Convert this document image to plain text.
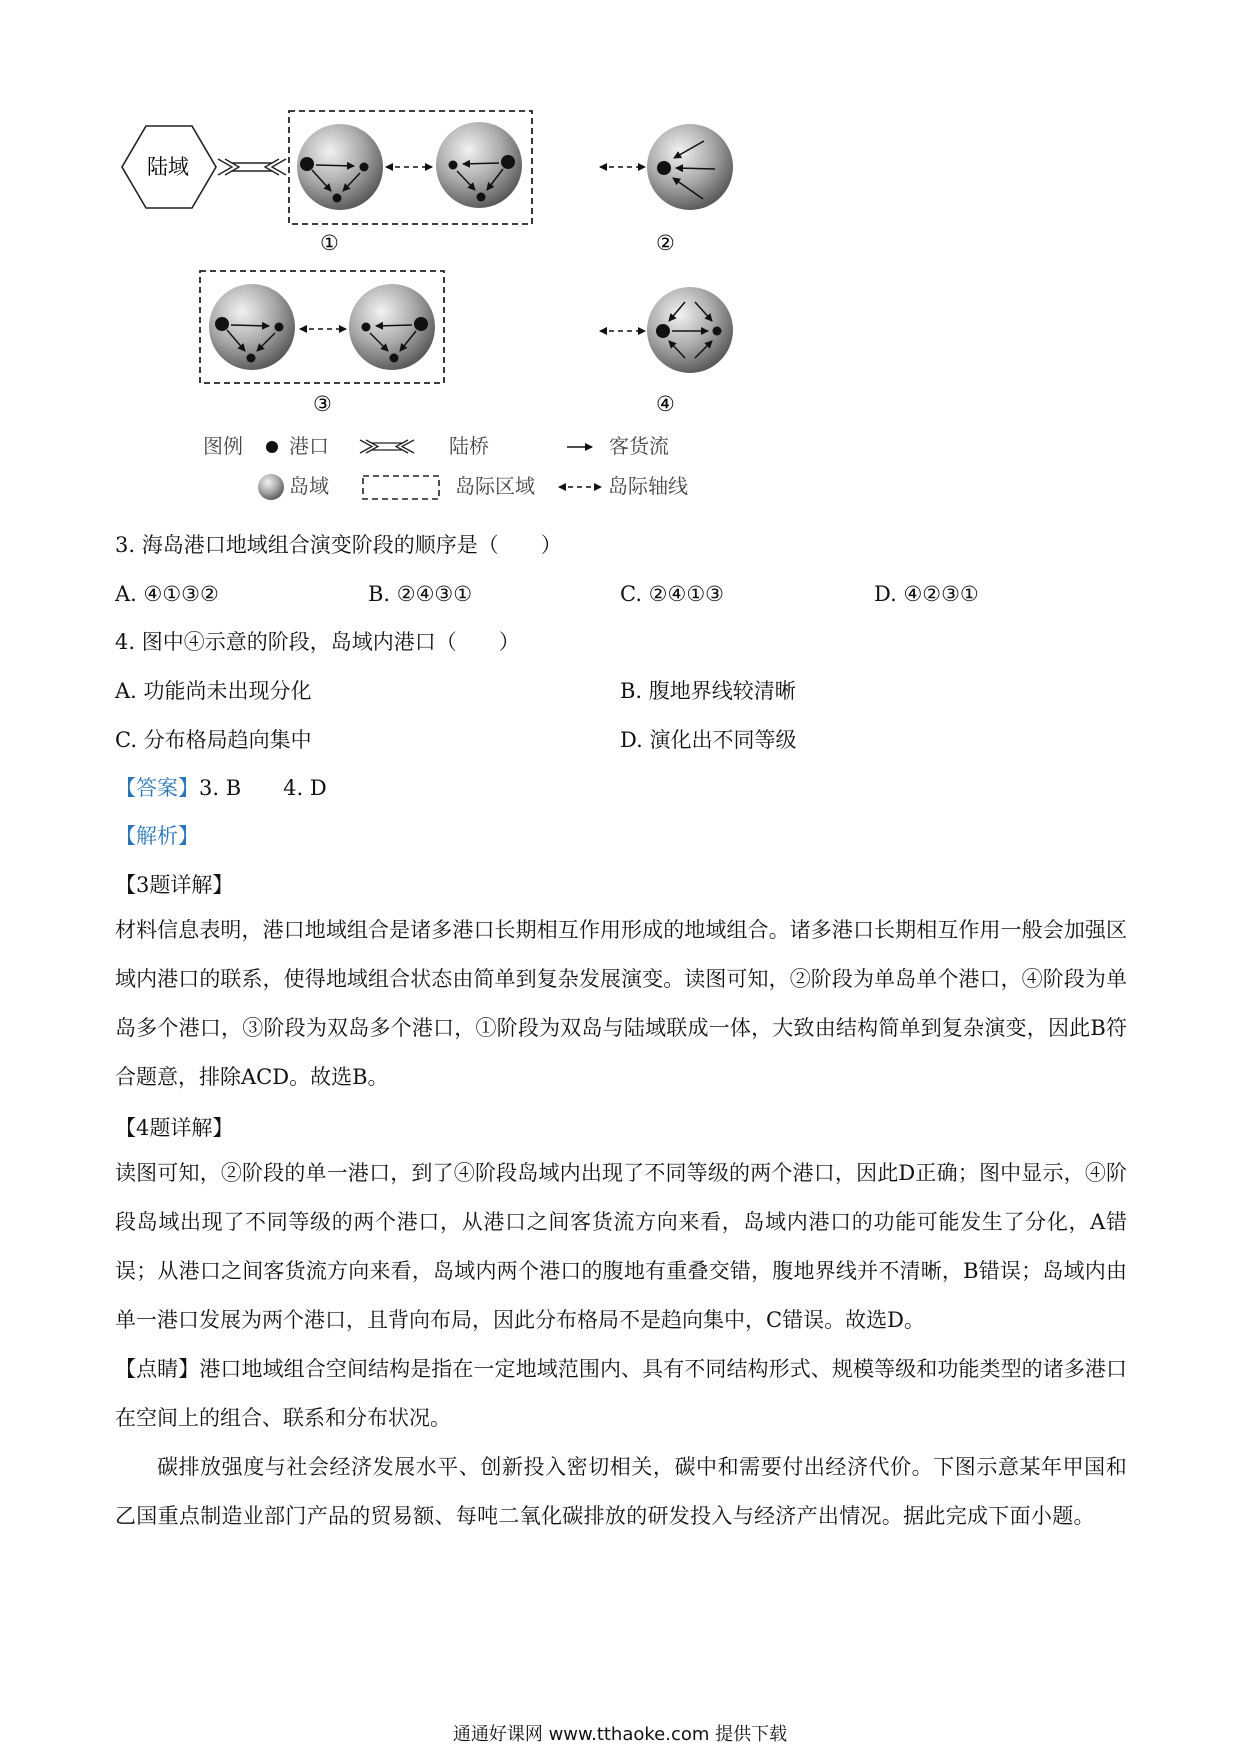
陆域
①	②
③	④
图例 港口	陆桥	客货流
岛域	岛际区域	岛际轴线
3. 海岛港口地域组合演变阶段的顺序是（　　）
A. ④①③②	B. ②④③①	C. ②④①③	D. ④②③①
4. 图中④示意的阶段，岛域内港口（　　）
A. 功能尚未出现分化	B. 腹地界线较清晰
C. 分布格局趋向集中	D. 演化出不同等级
【答案】3. B　　4. D
【解析】
【3题详解】
材料信息表明，港口地域组合是诸多港口长期相互作用形成的地域组合。诸多港口长期相互作用一般会加强区域内港口的联系，使得地域组合状态由简单到复杂发展演变。读图可知，②阶段为单岛单个港口，④阶段为单岛多个港口，③阶段为双岛多个港口，①阶段为双岛与陆域联成一体，大致由结构简单到复杂演变，因此B符合题意，排除ACD。故选B。
【4题详解】
读图可知，②阶段的单一港口，到了④阶段岛域内出现了不同等级的两个港口，因此D正确；图中显示，④阶段岛域出现了不同等级的两个港口，从港口之间客货流方向来看，岛域内港口的功能可能发生了分化，A错误；从港口之间客货流方向来看，岛域内两个港口的腹地有重叠交错，腹地界线并不清晰，B错误；岛域内由单一港口发展为两个港口，且背向布局，因此分布格局不是趋向集中，C错误。故选D。
【点睛】港口地域组合空间结构是指在一定地域范围内、具有不同结构形式、规模等级和功能类型的诸多港口在空间上的组合、联系和分布状况。
碳排放强度与社会经济发展水平、创新投入密切相关，碳中和需要付出经济代价。下图示意某年甲国和乙国重点制造业部门产品的贸易额、每吨二氧化碳排放的研发投入与经济产出情况。据此完成下面小题。
通通好课网 www.tthaoke.com 提供下载
